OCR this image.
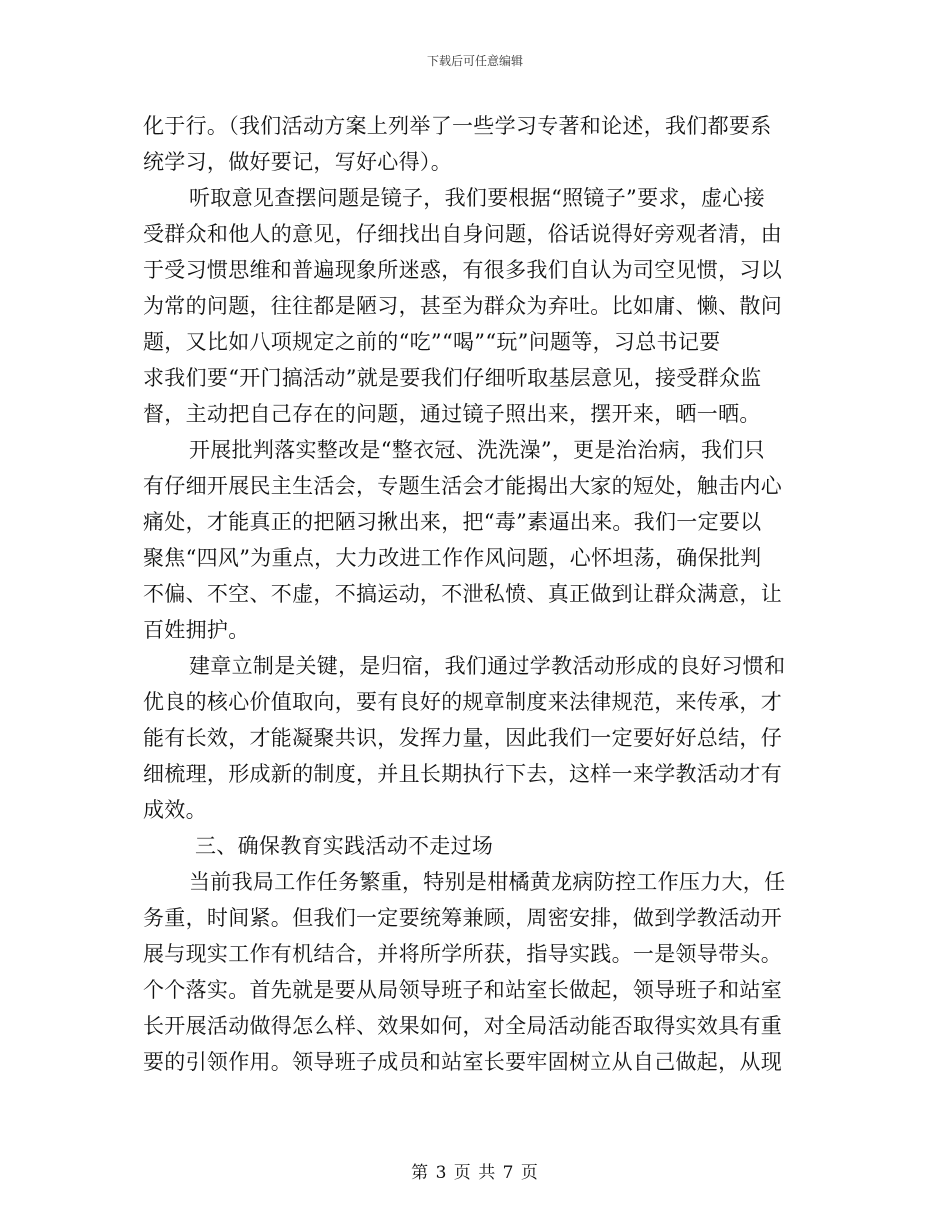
下载后可任意编辑
化于行。（我们活动方案上列举了一些学习专著和论述，我们都要系
统学习，做好要记，写好心得）。
听取意见查摆问题是镜子，我们要根据“照镜子”要求，虚心接
受群众和他人的意见，仔细找出自身问题，俗话说得好旁观者清，由
于受习惯思维和普遍现象所迷惑，有很多我们自认为司空见惯，习以
为常的问题，往往都是陋习，甚至为群众为弃吐。比如庸、懒、散问
题，又比如八项规定之前的“吃”“喝”“玩”问题等，习总书记要
求我们要“开门搞活动”就是要我们仔细听取基层意见，接受群众监
督，主动把自己存在的问题，通过镜子照出来，摆开来，晒一晒。
开展批判落实整改是“整衣冠、洗洗澡”，更是治治病，我们只
有仔细开展民主生活会，专题生活会才能揭出大家的短处，触击内心
痛处，才能真正的把陋习揪出来，把“毒”素逼出来。我们一定要以
聚焦“四风”为重点，大力改进工作作风问题，心怀坦荡，确保批判
不偏、不空、不虚，不搞运动，不泄私愤、真正做到让群众满意，让
百姓拥护。
建章立制是关键，是归宿，我们通过学教活动形成的良好习惯和
优良的核心价值取向，要有良好的规章制度来法律规范，来传承，才
能有长效，才能凝聚共识，发挥力量，因此我们一定要好好总结，仔
细梳理，形成新的制度，并且长期执行下去，这样一来学教活动才有
成效。
三、确保教育实践活动不走过场
当前我局工作任务繁重，特别是柑橘黄龙病防控工作压力大，任
务重，时间紧。但我们一定要统筹兼顾，周密安排，做到学教活动开
展与现实工作有机结合，并将所学所获，指导实践。一是领导带头。
个个落实。首先就是要从局领导班子和站室长做起，领导班子和站室
长开展活动做得怎么样、效果如何，对全局活动能否取得实效具有重
要的引领作用。领导班子成员和站室长要牢固树立从自己做起，从现
第 3 页 共 7 页
